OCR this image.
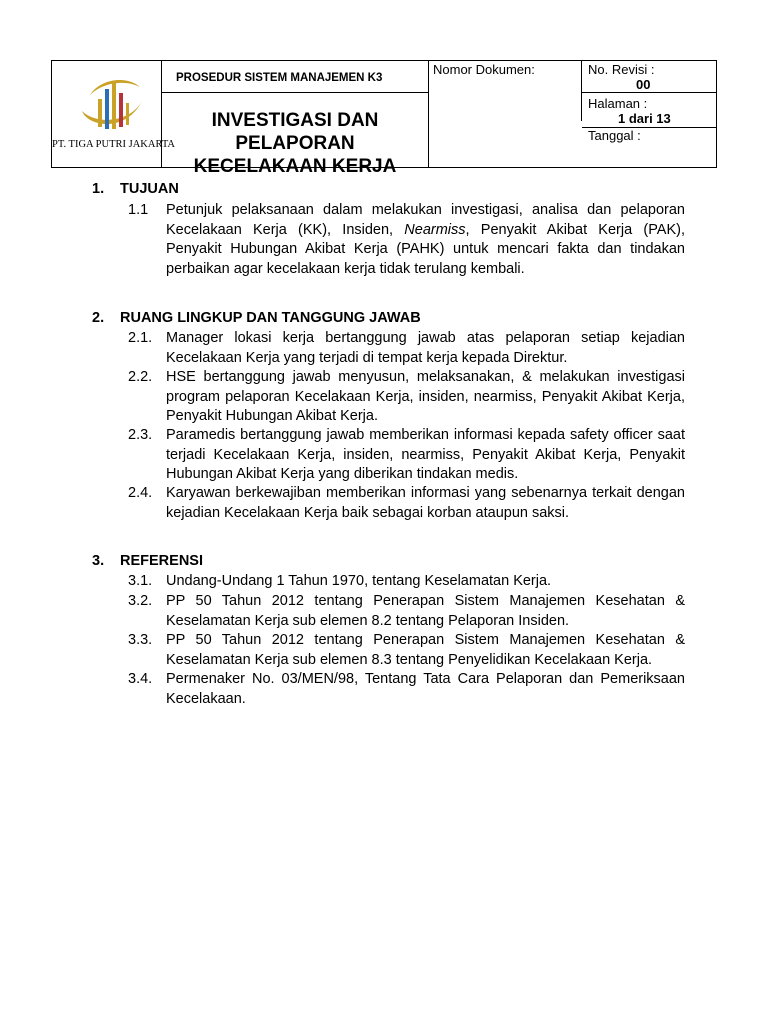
PT. TIGA PUTRI JAKARTA
PROSEDUR SISTEM MANAJEMEN K3
Nomor Dokumen:
INVESTIGASI DAN PELAPORAN
KECELAKAAN KERJA
No. Revisi :
00
Halaman :
1 dari 13
Tanggal :
1. TUJUAN
1.1 Petunjuk pelaksanaan dalam melakukan investigasi, analisa dan pelaporan Kecelakaan Kerja (KK), Insiden, Nearmiss, Penyakit Akibat Kerja (PAK), Penyakit Hubungan Akibat Kerja (PAHK) untuk mencari fakta dan tindakan perbaikan agar kecelakaan kerja tidak terulang kembali.
2. RUANG LINGKUP DAN TANGGUNG JAWAB
2.1. Manager lokasi kerja bertanggung jawab atas pelaporan setiap kejadian Kecelakaan Kerja yang terjadi di tempat kerja kepada Direktur.
2.2. HSE bertanggung jawab menyusun, melaksanakan, & melakukan investigasi program pelaporan Kecelakaan Kerja, insiden, nearmiss, Penyakit Akibat Kerja, Penyakit Hubungan Akibat Kerja.
2.3. Paramedis bertanggung jawab memberikan informasi kepada safety officer saat terjadi Kecelakaan Kerja, insiden, nearmiss, Penyakit Akibat Kerja, Penyakit Hubungan Akibat Kerja yang diberikan tindakan medis.
2.4. Karyawan berkewajiban memberikan informasi yang sebenarnya terkait dengan kejadian Kecelakaan Kerja baik sebagai korban ataupun saksi.
3. REFERENSI
3.1. Undang-Undang 1 Tahun 1970, tentang Keselamatan Kerja.
3.2. PP 50 Tahun 2012 tentang Penerapan Sistem Manajemen Kesehatan & Keselamatan Kerja sub elemen 8.2 tentang Pelaporan Insiden.
3.3. PP 50 Tahun 2012 tentang Penerapan Sistem Manajemen Kesehatan & Keselamatan Kerja sub elemen 8.3 tentang Penyelidikan Kecelakaan Kerja.
3.4. Permenaker No. 03/MEN/98, Tentang Tata Cara Pelaporan dan Pemeriksaan Kecelakaan.
